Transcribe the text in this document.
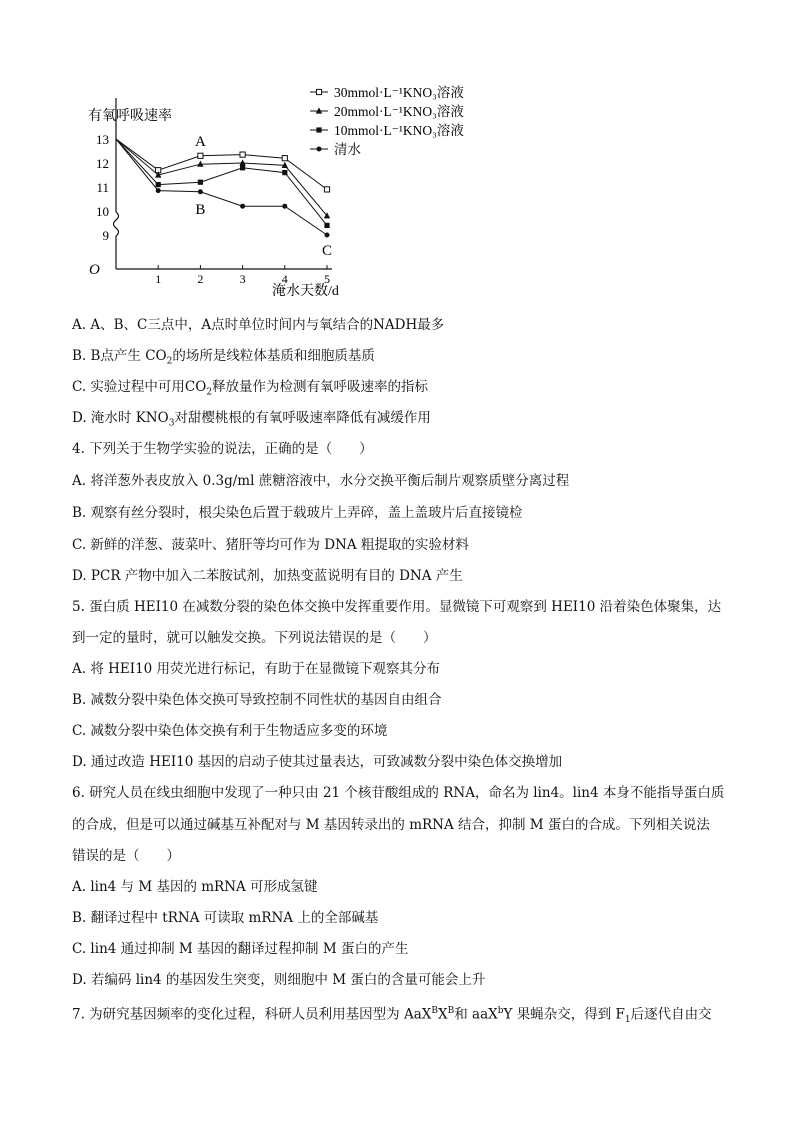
有氧呼吸速率
淹水天数/d
O
9
10
11
12
13
1	2	3	4	5
A
B
C
30mmol·L⁻¹KNO₃溶液
20mmol·L⁻¹KNO₃溶液
10mmol·L⁻¹KNO₃溶液
清水
A. A、B、C三点中，A点时单位时间内与氧结合的NADH最多
B. B点产生 $CO_2$的场所是线粒体基质和细胞质基质
C. 实验过程中可用$CO_2$释放量作为检测有氧呼吸速率的指标
D. 淹水时 $KNO_3$对甜樱桃根的有氧呼吸速率降低有减缓作用
4. 下列关于生物学实验的说法，正确的是（　　）
A. 将洋葱外表皮放入 0.3g/ml 蔗糖溶液中，水分交换平衡后制片观察质壁分离过程
B. 观察有丝分裂时，根尖染色后置于载玻片上弄碎，盖上盖玻片后直接镜检
C. 新鲜的洋葱、菠菜叶、猪肝等均可作为 DNA 粗提取的实验材料
D. PCR 产物中加入二苯胺试剂，加热变蓝说明有目的 DNA 产生
5. 蛋白质 HEI10 在减数分裂的染色体交换中发挥重要作用。显微镜下可观察到 HEI10 沿着染色体聚集，达
到一定的量时，就可以触发交换。下列说法错误的是（　　）
A. 将 HEI10 用荧光进行标记，有助于在显微镜下观察其分布
B. 减数分裂中染色体交换可导致控制不同性状的基因自由组合
C. 减数分裂中染色体交换有利于生物适应多变的环境
D. 通过改造 HEI10 基因的启动子使其过量表达，可致减数分裂中染色体交换增加
6. 研究人员在线虫细胞中发现了一种只由 21 个核苷酸组成的 RNA，命名为 lin4。lin4 本身不能指导蛋白质
的合成，但是可以通过碱基互补配对与 M 基因转录出的 mRNA 结合，抑制 M 蛋白的合成。下列相关说法
错误的是（　　）
A. lin4 与 M 基因的 mRNA 可形成氢键
B. 翻译过程中 tRNA 可读取 mRNA 上的全部碱基
C. lin4 通过抑制 M 基因的翻译过程抑制 M 蛋白的产生
D. 若编码 lin4 的基因发生突变，则细胞中 M 蛋白的含量可能会上升
7. 为研究基因频率的变化过程，科研人员利用基因型为 $AaX^BX^B$和 aaX$^b$Y 果蝇杂交，得到 $F_1$后逐代自由交
